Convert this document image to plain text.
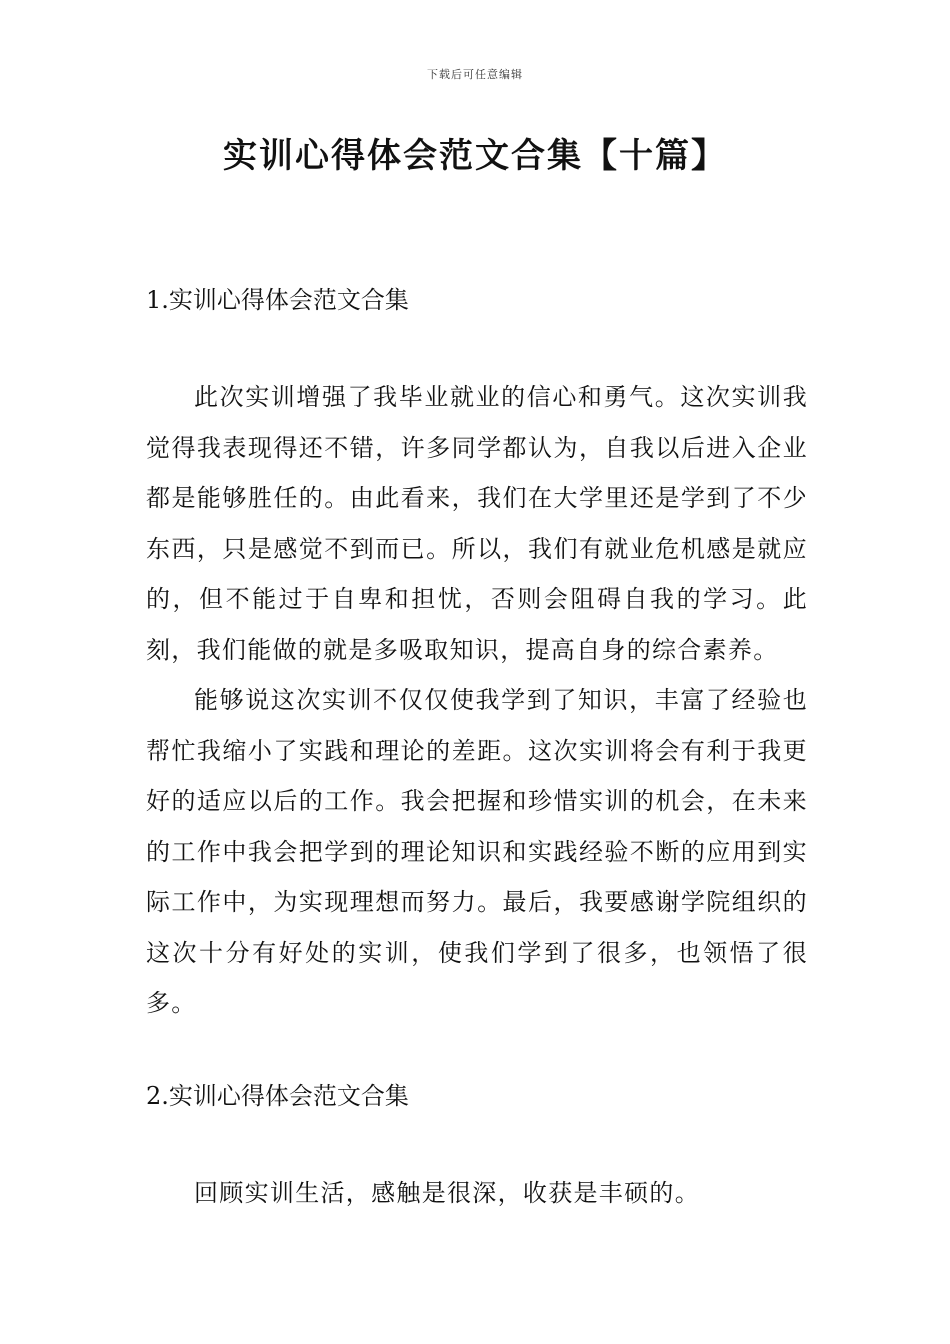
下载后可任意编辑
实训心得体会范文合集【十篇】

1.实训心得体会范文合集

此次实训增强了我毕业就业的信心和勇气。这次实训我觉得我表现得还不错，许多同学都认为，自我以后进入企业都是能够胜任的。由此看来，我们在大学里还是学到了不少东西，只是感觉不到而已。所以，我们有就业危机感是就应的，但不能过于自卑和担忧，否则会阻碍自我的学习。此刻，我们能做的就是多吸取知识，提高自身的综合素养。

能够说这次实训不仅仅使我学到了知识，丰富了经验也帮忙我缩小了实践和理论的差距。这次实训将会有利于我更好的适应以后的工作。我会把握和珍惜实训的机会，在未来的工作中我会把学到的理论知识和实践经验不断的应用到实际工作中，为实现理想而努力。最后，我要感谢学院组织的这次十分有好处的实训，使我们学到了很多，也领悟了很多。

2.实训心得体会范文合集

回顾实训生活，感触是很深，收获是丰硕的。
